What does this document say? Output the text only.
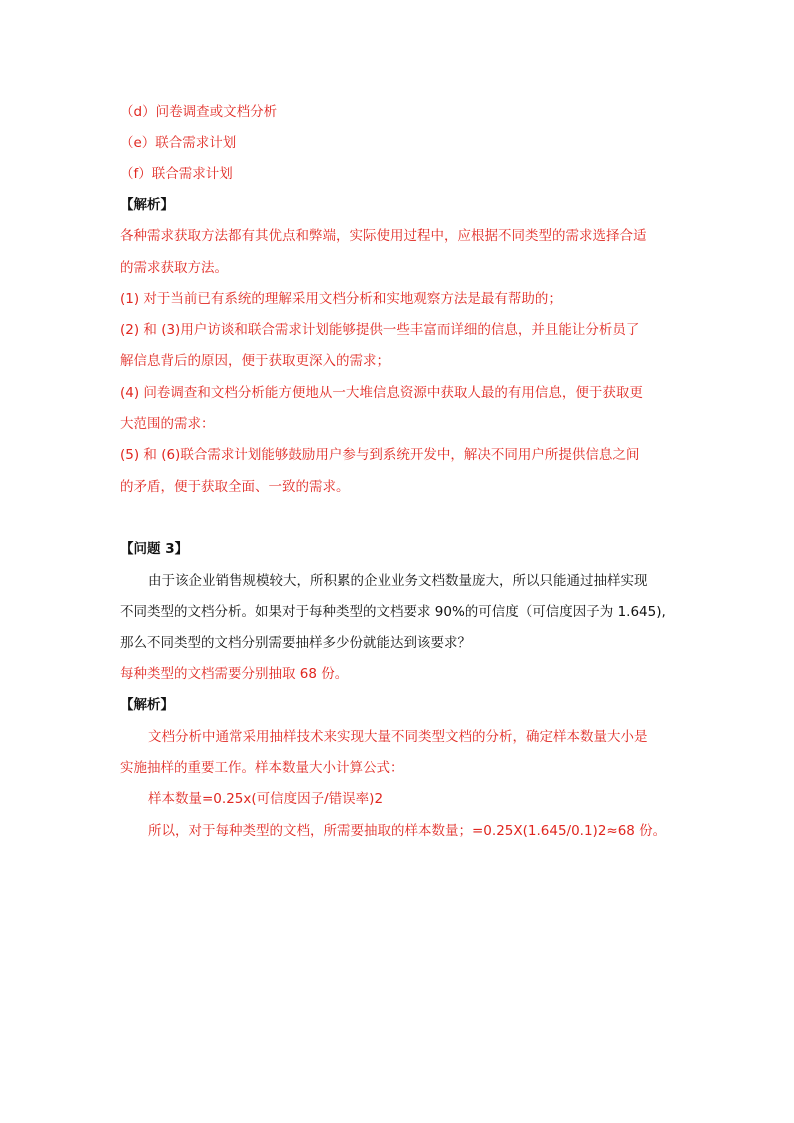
（d）问卷调查或文档分析
（e）联合需求计划
（f）联合需求计划
【解析】
各种需求获取方法都有其优点和弊端，实际使用过程中，应根据不同类型的需求选择合适
的需求获取方法。
(1) 对于当前已有系统的理解采用文档分析和实地观察方法是最有帮助的；
(2) 和 (3)用户访谈和联合需求计划能够提供一些丰富而详细的信息，并且能让分析员了
解信息背后的原因，便于获取更深入的需求；
(4) 问卷调查和文档分析能方便地从一大堆信息资源中获取人最的有用信息，便于获取更
大范围的需求：
(5) 和 (6)联合需求计划能够鼓励用户参与到系统开发中，解决不同用户所提供信息之间
的矛盾，便于获取全面、一致的需求。
【问题 3】
由于该企业销售规模较大，所积累的企业业务文档数量庞大，所以只能通过抽样实现
不同类型的文档分析。如果对于每种类型的文档要求 90%的可信度（可信度因子为 1.645),
那么不同类型的文档分别需要抽样多少份就能达到该要求？
每种类型的文档需要分别抽取 68 份。
【解析】
文档分析中通常采用抽样技术来实现大量不同类型文档的分析，确定样本数量大小是
实施抽样的重要工作。样本数量大小计算公式：
样本数量=0.25x(可信度因子/错误率)2
所以，对于每种类型的文档，所需要抽取的样本数量；=0.25X(1.645/0.1)2≈68 份。
